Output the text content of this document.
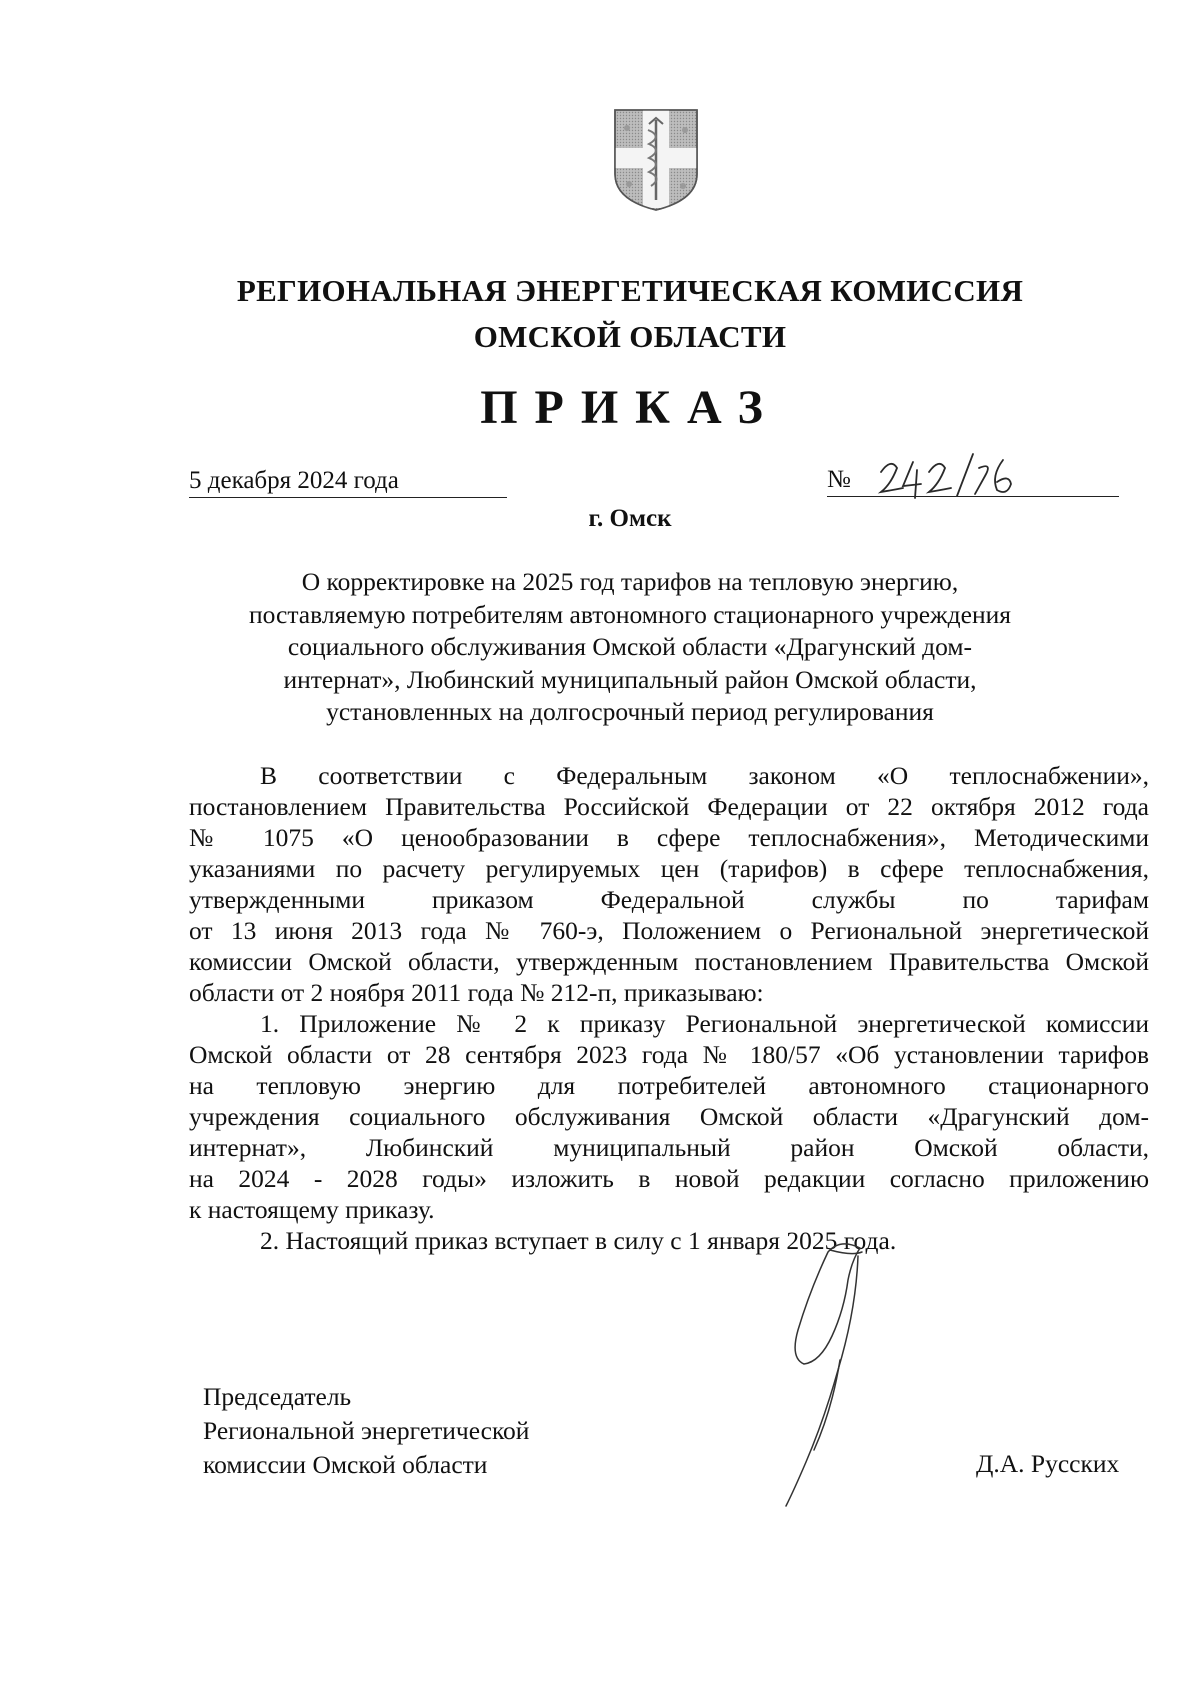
РЕГИОНАЛЬНАЯ ЭНЕРГЕТИЧЕСКАЯ КОМИССИЯ
ОМСКОЙ ОБЛАСТИ
ПРИКАЗ
5 декабря 2024 года	№
г. Омск
О корректировке на 2025 год тарифов на тепловую энергию,
поставляемую потребителям автономного стационарного учреждения
социального обслуживания Омской области «Драгунский дом-
интернат», Любинский муниципальный район Омской области,
установленных на долгосрочный период регулирования
В соответствии с Федеральным законом «О теплоснабжении»,
постановлением Правительства Российской Федерации от 22 октября 2012 года
№ 1075 «О ценообразовании в сфере теплоснабжения», Методическими
указаниями по расчету регулируемых цен (тарифов) в сфере теплоснабжения,
утвержденными приказом Федеральной службы по тарифам
от 13 июня 2013 года № 760-э, Положением о Региональной энергетической
комиссии Омской области, утвержденным постановлением Правительства Омской
области от 2 ноября 2011 года № 212-п, приказываю:
1. Приложение № 2 к приказу Региональной энергетической комиссии
Омской области от 28 сентября 2023 года № 180/57 «Об установлении тарифов
на тепловую энергию для потребителей автономного стационарного
учреждения социального обслуживания Омской области «Драгунский дом-
интернат», Любинский муниципальный район Омской области,
на 2024 - 2028 годы» изложить в новой редакции согласно приложению
к настоящему приказу.
2. Настоящий приказ вступает в силу с 1 января 2025 года.
Председатель
Региональной энергетической
комиссии Омской области	Д.А. Русских
